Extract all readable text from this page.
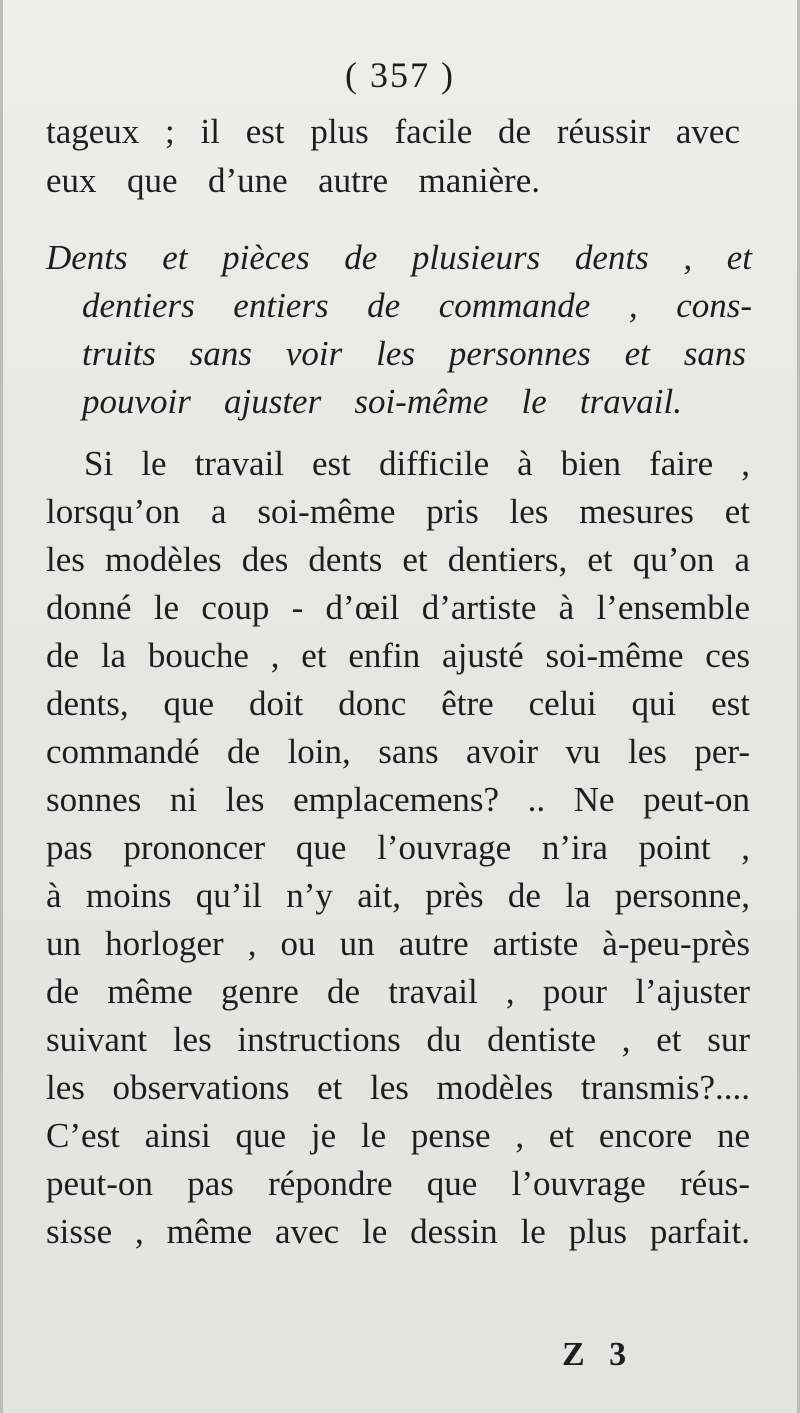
( 357 )
tageux ; il est plus facile de réussir avec
eux que d’une autre manière.
Dents et pièces de plusieurs dents , et
dentiers entiers de commande , cons-
truits sans voir les personnes et sans
pouvoir ajuster soi-même le travail.
Si le travail est difficile à bien faire ,
lorsqu’on a soi-même pris les mesures et
les modèles des dents et dentiers, et qu’on a
donné le coup - d’œil d’artiste à l’ensemble
de la bouche , et enfin ajusté soi-même ces
dents, que doit donc être celui qui est
commandé de loin, sans avoir vu les per-
sonnes ni les emplacemens? .. Ne peut-on
pas prononcer que l’ouvrage n’ira point ,
à moins qu’il n’y ait, près de la personne,
un horloger , ou un autre artiste à-peu-près
de même genre de travail , pour l’ajuster
suivant les instructions du dentiste , et sur
les observations et les modèles transmis?....
C’est ainsi que je le pense , et encore ne
peut-on pas répondre que l’ouvrage réus-
sisse , même avec le dessin le plus parfait.
Z 3
